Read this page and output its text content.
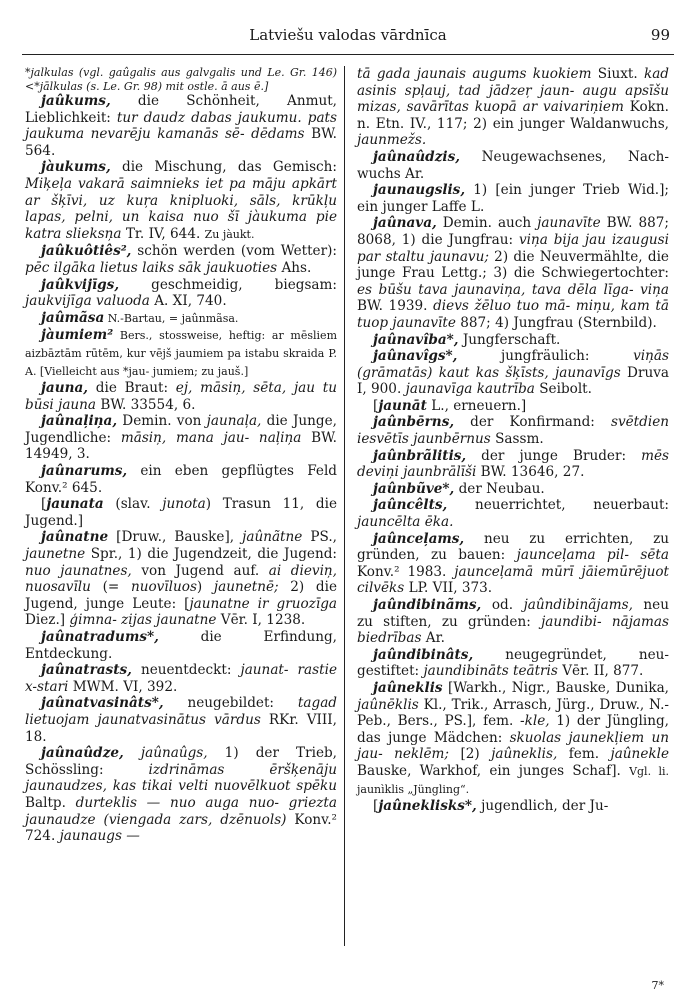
Latviešu valodas vārdnīca	99

*jalkulas (vgl. gaûgalis aus galvgalis und Le. Gr. 146) <*jālkulas (s. Le. Gr. 98) mit ostle. ā aus ē.]

jaûkums, die Schönheit, Anmut, Lieblichkeit: tur daudz dabas jaukumu. pats jaukuma nevarēju kamanās sē- dēdams BW. 564.

jàukums, die Mischung, das Gemisch: Miķeļa vakarā saimnieks iet pa māju apkārt ar šķīvi, uz kuŗa knipluoki, sāls, krūkļu lapas, pelni, un kaisa nuo šī jàukuma pie katra slieksņa Tr. IV, 644. Zu jàukt.

jaûkuôtiês², schön werden (vom Wetter): pēc ilgāka lietus laiks sāk jaukuoties Ahs.

jaûkvijīgs, geschmeidig, biegsam: jaukvijīga valuoda A. XI, 740.

jaûmãsa N.-Bartau, = jaûnmãsa.

jàumiem² Bers., stossweise, heftig: ar mēsliem aizbāztām rūtēm, kur vējš jaumiem pa istabu skraida P. A. [Vielleicht aus *jau- jumiem; zu jauš.]

jauna, die Braut: ej, māsiņ, sēta, jau tu būsi jauna BW. 33554, 6.

jaûnaļiņa, Demin. von jaunaļa, die Junge, Jugendliche: māsiņ, mana jau- naļiņa BW. 14949, 3.

jaûnarums, ein eben gepflügtes Feld Konv.² 645.

[jaunata (slav. junota) Trasun 11, die Jugend.]

jaûnatne [Druw., Bauske], jaûnãtne PS., jaunetne Spr., 1) die Jugendzeit, die Jugend: nuo jaunatnes, von Jugend auf. ai dieviņ, nuosavīlu (= nuovīluos) jaunetnē; 2) die Jugend, junge Leute: [jaunatne ir gruozīga Diez.] ģimna- zijas jaunatne Vēr. I, 1238.

jaûnatradums*, die Erfindung, Entdeckung.

jaûnatrasts, neuentdeckt: jaunat- rastie x-stari MWM. VI, 392.

jaûnatvasinâts*, neugebildet: tagad lietuojam jaunatvasinātus vārdus RKr. VIII, 18.

jaûnaûdze, jaûnaûgs, 1) der Trieb, Schössling: izdrināmas ēršķenāju jaunaudzes, kas tikai velti nuovēlkuot spēku Baltp. durteklis — nuo auga nuo- griezta jaunaudze (viengada zars, dzēnuols) Konv.² 724. jaunaugs —

tā gada jaunais augums kuokiem Siuxt. kad asinis spļauj, tad jādzeŗ jaun- augu apsīšu mizas, savārītas kuopā ar vaivariņiem Kokn. n. Etn. IV., 117; 2) ein junger Waldanwuchs, jaunmežs.

jaûnaûdzis, Neugewachsenes, Nach- wuchs Ar.

jaunaugslis, 1) [ein junger Trieb Wid.]; ein junger Laffe L.

jaûnava, Demin. auch jaunavīte BW. 887; 8068, 1) die Jungfrau: viņa bija jau izaugusi par staltu jaunavu; 2) die Neuvermählte, die junge Frau Lettg.; 3) die Schwiegertochter: es būšu tava jaunaviņa, tava dēla līga- viņa BW. 1939. dievs žēluo tuo mā- miņu, kam tā tuop jaunavīte 887; 4) Jungfrau (Sternbild).

jaûnavîba*, Jungferschaft.

jaûnavîgs*, jungfräulich: viņās (grāmatās) kaut kas šķīsts, jaunavīgs Druva I, 900. jaunavīga kautrība Seibolt.

[jaunāt L., erneuern.]

jaûnbērns, der Konfirmand: svētdien iesvētīs jaunbērnus Sassm.

jaûnbrãlitis, der junge Bruder: mēs deviņi jaunbrālīši BW. 13646, 27.

jaûnbũve*, der Neubau.

jaûncêlts, neuerrichtet, neuerbaut: jauncēlta ēka.

jaûnceļams, neu zu errichten, zu gründen, zu bauen: jaunceļama pil- sēta Konv.² 1983. jaunceļamā mūrī jāiemūrējuot cilvēks LP. VII, 373.

jaûndibinãms, od. jaûndibinãjams, neu zu stiften, zu gründen: jaundibi- nājamas biedrības Ar.

jaûndibinâts, neugegründet, neu- gestiftet: jaundibināts teātris Vēr. II, 877.

jaûneklis [Warkh., Nigr., Bauske, Dunika, jaûnēklis Kl., Trik., Arrasch, Jürg., Druw., N.-Peb., Bers., PS.], fem. -kle, 1) der Jüngling, das junge Mädchen: skuolas jaunekļiem un jau- neklēm; [2) jaûneklis, fem. jaûnekle Bauske, Warkhof, ein junges Schaf]. Vgl. li. jaunìklis „Jüngling“.

[jaûneklisks*, jugendlich, der Ju-

7*
